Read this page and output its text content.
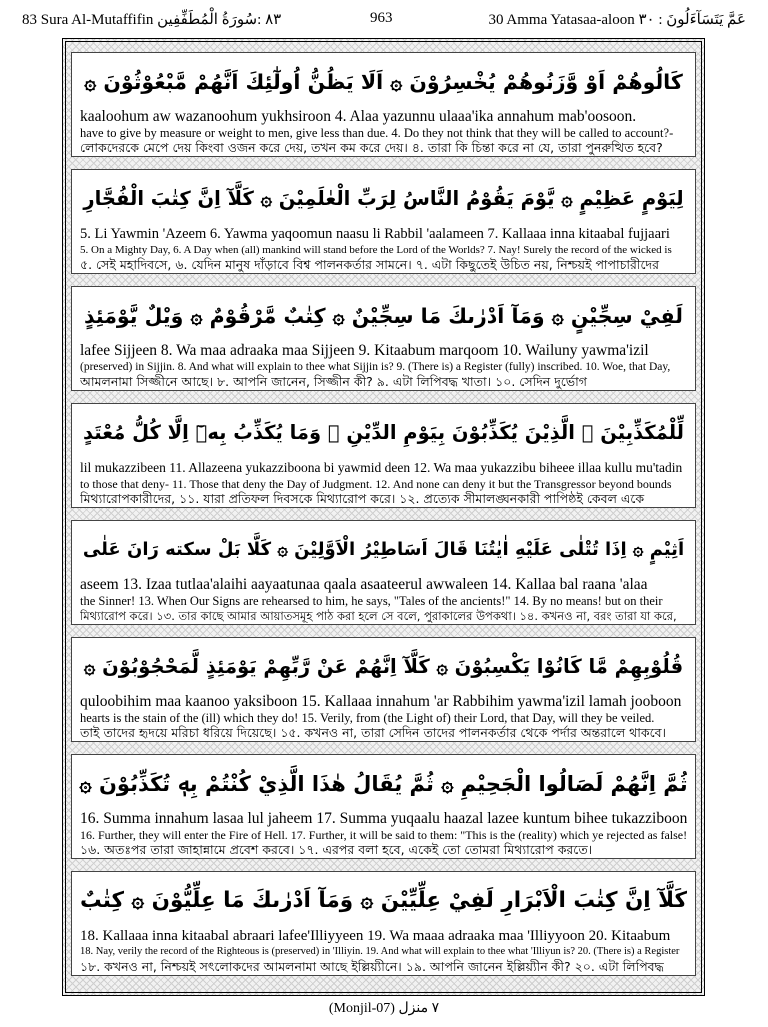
83 Sura Al-Mutaffifin ٨٣ :سُورَةُ الْمُطَفِّفِين	963	30 Amma Yatasaa-aloon عَمَّ يَتَسَآءَلُونَ : ٣٠
كَالُوهُمْ اَوْ وَّزَنُوهُمْ يُخْسِرُوْنَ ۞ اَلَا يَظُنُّ اُولٰٓئِكَ اَنَّهُمْ مَّبْعُوْثُوْنَ ۞
kaaloohum aw wazanoohum yukhsiroon 4. Alaa yazunnu ulaaa'ika annahum mab'oosoon.
have to give by measure or weight to men, give less than due. 4. Do they not think that they will be called to account?-
লোকদেরকে মেপে দেয় কিংবা ওজন করে দেয়, তখন কম করে দেয়। ৪. তারা কি চিন্তা করে না যে, তারা পুনরুত্থিত হবে?
لِيَوْمٍ عَظِيْمٍ ۞ يَّوْمَ يَقُوْمُ النَّاسُ لِرَبِّ الْعٰلَمِيْنَ ۞ كَلَّآ اِنَّ كِتٰبَ الْفُجَّارِ
5. Li Yawmin 'Azeem 6. Yawma yaqoomun naasu li Rabbil 'aalameen 7. Kallaaa inna kitaabal fujjaari
5. On a Mighty Day, 6. A Day when (all) mankind will stand before the Lord of the Worlds? 7. Nay! Surely the record of the wicked is
৫. সেই মহাদিবসে, ৬. যেদিন মানুষ দাঁড়াবে বিশ্ব পালনকর্তার সামনে। ৭. এটা কিছুতেই উচিত নয়, নিশ্চয়ই পাপাচারীদের
لَفِيْ سِجِّيْنٍ ۞ وَمَآ اَدْرٰىكَ مَا سِجِّيْنٌ ۞ كِتٰبٌ مَّرْقُوْمٌ ۞ وَيْلٌ يَّوْمَئِذٍ
lafee Sijjeen 8. Wa maa adraaka maa Sijjeen 9. Kitaabum marqoom 10. Wailuny yawma'izil
(preserved) in Sijjin. 8. And what will explain to thee what Sijjin is? 9. (There is) a Register (fully) inscribed. 10. Woe, that Day,
আমলনামা সিজ্জীনে আছে। ৮. আপনি জানেন, সিজ্জীন কী? ৯. এটা লিপিবদ্ধ খাতা। ১০. সেদিন দুর্ভোগ
لِّلْمُكَذِّبِيْنَ ۞ الَّذِيْنَ يُكَذِّبُوْنَ بِيَوْمِ الدِّيْنِ ۞ وَمَا يُكَذِّبُ بِهٖٓ اِلَّا كُلُّ مُعْتَدٍ
lil mukazzibeen 11. Allazeena yukazziboona bi yawmid deen 12. Wa maa yukazzibu biheee illaa kullu mu'tadin
to those that deny- 11. Those that deny the Day of Judgment. 12. And none can deny it but the Transgressor beyond bounds
মিথ্যারোপকারীদের, ১১. যারা প্রতিফল দিবসকে মিথ্যারোপ করে। ১২. প্রত্যেক সীমালঙ্ঘনকারী পাপিষ্ঠই কেবল একে
اَثِيْمٍ ۞ اِذَا تُتْلٰى عَلَيْهِ اٰيٰتُنَا قَالَ اَسَاطِيْرُ الْاَوَّلِيْنَ ۞ كَلَّا بَلْ سكته رَانَ عَلٰى
aseem 13. Izaa tutlaa'alaihi aayaatunaa qaala asaateerul awwaleen 14. Kallaa bal raana 'alaa
the Sinner! 13. When Our Signs are rehearsed to him, he says, "Tales of the ancients!" 14. By no means! but on their
মিথ্যারোপ করে। ১৩. তার কাছে আমার আয়াতসমূহ পাঠ করা হলে সে বলে, পুরাকালের উপকথা। ১৪. কখনও না, বরং তারা যা করে,
قُلُوْبِهِمْ مَّا كَانُوْا يَكْسِبُوْنَ ۞ كَلَّآ اِنَّهُمْ عَنْ رَّبِّهِمْ يَوْمَئِذٍ لَّمَحْجُوْبُوْنَ ۞
quloobihim maa kaanoo yaksiboon 15. Kallaaa innahum 'ar Rabbihim yawma'izil lamah jooboon
hearts is the stain of the (ill) which they do! 15. Verily, from (the Light of) their Lord, that Day, will they be veiled.
তাই তাদের হৃদয়ে মরিচা ধরিয়ে দিয়েছে। ১৫. কখনও না, তারা সেদিন তাদের পালনকর্তার থেকে পর্দার অন্তরালে থাকবে।
ثُمَّ اِنَّهُمْ لَصَالُوا الْجَحِيْمِ ۞ ثُمَّ يُقَالُ هٰذَا الَّذِيْ كُنْتُمْ بِهٖ تُكَذِّبُوْنَ ۞
16. Summa innahum lasaa lul jaheem 17. Summa yuqaalu haazal lazee kuntum bihee tukazziboon
16. Further, they will enter the Fire of Hell. 17. Further, it will be said to them: "This is the (reality) which ye rejected as false!
১৬. অতঃপর তারা জাহান্নামে প্রবেশ করবে। ১৭. এরপর বলা হবে, একেই তো তোমরা মিথ্যারোপ করতে।
كَلَّآ اِنَّ كِتٰبَ الْاَبْرَارِ لَفِيْ عِلِّيِّيْنَ ۞ وَمَآ اَدْرٰىكَ مَا عِلِّيُّوْنَ ۞ كِتٰبٌ
18. Kallaaa inna kitaabal abraari lafee'Illiyyeen 19. Wa maaa adraaka maa 'Illiyyoon 20. Kitaabum
18. Nay, verily the record of the Righteous is (preserved) in 'Illiyin. 19. And what will explain to thee what 'Illiyun is? 20. (There is) a Register
১৮. কখনও না, নিশ্চয়ই সৎলোকদের আমলনামা আছে ইল্লিয়্যীনে। ১৯. আপনি জানেন ইল্লিয়্যীন কী? ২০. এটা লিপিবদ্ধ
(Monjil-07) ٧ منزل
